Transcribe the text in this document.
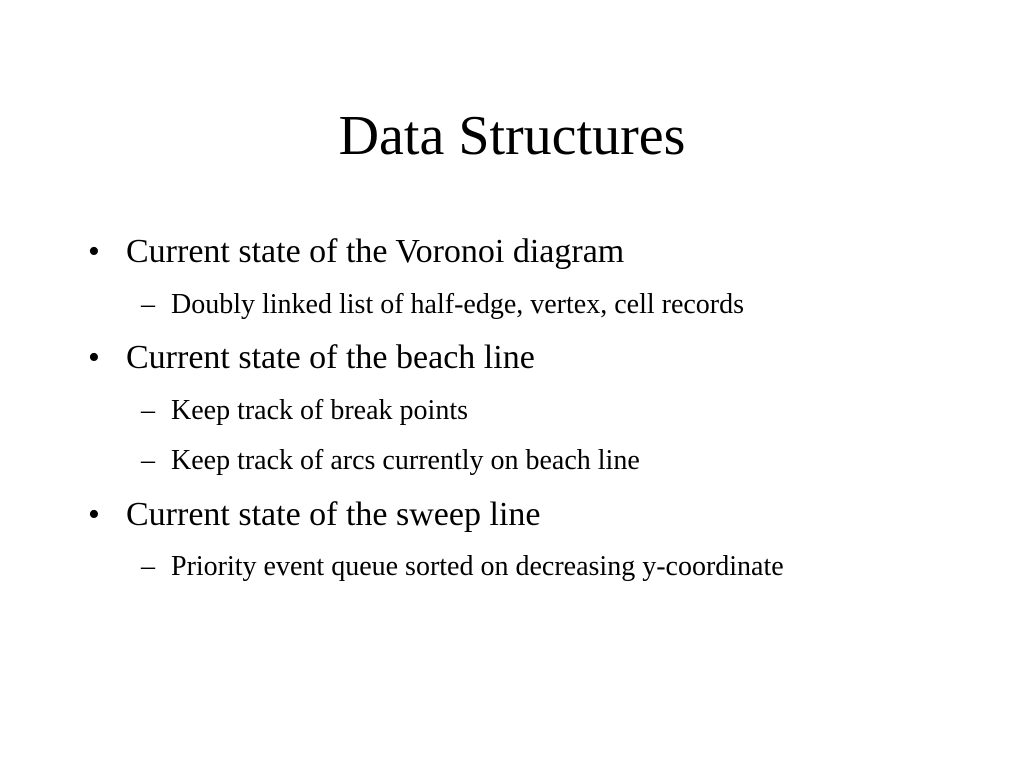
Data Structures
• Current state of the Voronoi diagram
– Doubly linked list of half-edge, vertex, cell records
• Current state of the beach line
– Keep track of break points
– Keep track of arcs currently on beach line
• Current state of the sweep line
– Priority event queue sorted on decreasing y-coordinate
